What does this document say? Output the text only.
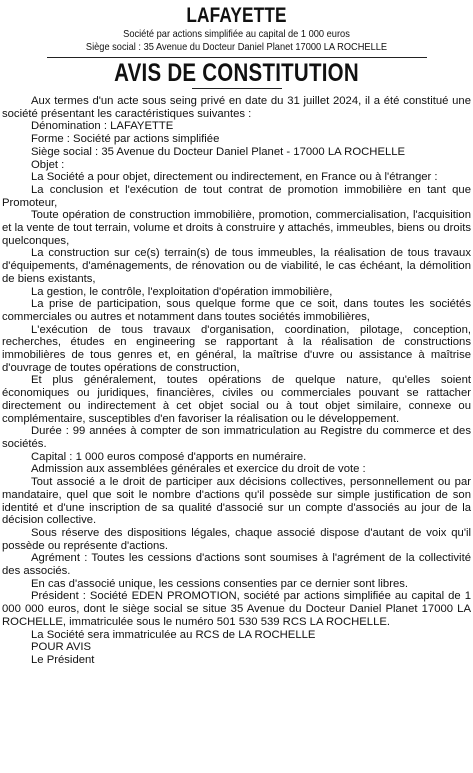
LAFAYETTE
Société par actions simplifiée au capital de 1 000 euros
Siège social : 35 Avenue du Docteur Daniel Planet 17000 LA ROCHELLE
AVIS DE CONSTITUTION

Aux termes d'un acte sous seing privé en date du 31 juillet 2024, il a été constitué une société présentant les caractéristiques suivantes :

Dénomination : LAFAYETTE

Forme : Société par actions simplifiée

Siège social : 35 Avenue du Docteur Daniel Planet - 17000 LA ROCHELLE

Objet :

La Société a pour objet, directement ou indirectement, en France ou à l'étranger :

La conclusion et l'exécution de tout contrat de promotion immobilière en tant que Promoteur,

Toute opération de construction immobilière, promotion, commercialisation, l'acquisition et la vente de tout terrain, volume et droits à construire y attachés, immeubles, biens ou droits quelconques,

La construction sur ce(s) terrain(s) de tous immeubles, la réalisation de tous travaux d'équipements, d'aménagements, de rénovation ou de viabilité, le cas échéant, la démolition de biens existants,

La gestion, le contrôle, l'exploitation d'opération immobilière,

La prise de participation, sous quelque forme que ce soit, dans toutes les sociétés commerciales ou autres et notamment dans toutes sociétés immobilières,

L'exécution de tous travaux d'organisation, coordination, pilotage, conception, recherches, études en engineering se rapportant à la réalisation de constructions immobilières de tous genres et, en général, la maîtrise d'uvre ou assistance à maîtrise d'ouvrage de toutes opérations de construction,

Et plus généralement, toutes opérations de quelque nature, qu'elles soient économiques ou juridiques, financières, civiles ou commerciales pouvant se rattacher directement ou indirectement à cet objet social ou à tout objet similaire, connexe ou complémentaire, susceptibles d'en favoriser la réalisation ou le développement.

Durée : 99 années à compter de son immatriculation au Registre du commerce et des sociétés.

Capital : 1 000 euros composé d'apports en numéraire.

Admission aux assemblées générales et exercice du droit de vote :

Tout associé a le droit de participer aux décisions collectives, personnellement ou par mandataire, quel que soit le nombre d'actions qu'il possède sur simple justification de son identité et d'une inscription de sa qualité d'associé sur un compte d'associés au jour de la décision collective.

Sous réserve des dispositions légales, chaque associé dispose d'autant de voix qu'il possède ou représente d'actions.

Agrément : Toutes les cessions d'actions sont soumises à l'agrément de la collectivité des associés.

En cas d'associé unique, les cessions consenties par ce dernier sont libres.

Président : Société EDEN PROMOTION, société par actions simplifiée au capital de 1 000 000 euros, dont le siège social se situe 35 Avenue du Docteur Daniel Planet 17000 LA ROCHELLE, immatriculée sous le numéro 501 530 539 RCS LA ROCHELLE.

La Société sera immatriculée au RCS de LA ROCHELLE

POUR AVIS

Le Président
